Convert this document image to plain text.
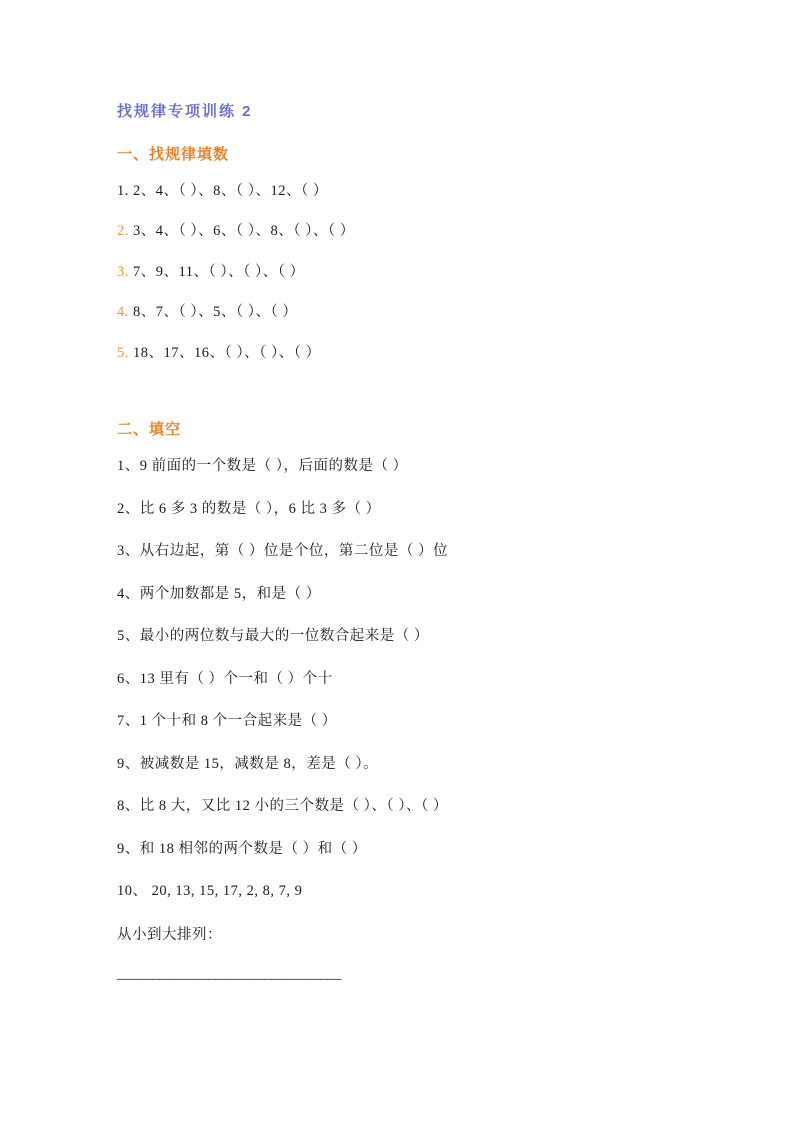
找规律专项训练 2
一、找规律填数
1. 2、4、（ ）、8、（ ）、12、（ ）
2. 3、4、（ ）、6、（ ）、8、（ ）、（ ）
3. 7、9、11、（ ）、（ ）、（ ）
4. 8、7、（ ）、5、（ ）、（ ）
5. 18、17、16、（ ）、（ ）、（ ）
二、填空
1、9 前面的一个数是（ ），后面的数是（ ）
2、比 6 多 3 的数是（ ），6 比 3 多（ ）
3、从右边起，第（ ）位是个位，第二位是（ ）位
4、两个加数都是 5，和是（ ）
5、最小的两位数与最大的一位数合起来是（ ）
6、13 里有（ ）个一和（ ）个十
7、1 个十和 8 个一合起来是（ ）
9、被减数是 15，减数是 8，差是（ ）。
8、比 8 大，又比 12 小的三个数是（ ）、（ ）、（ ）
9、和 18 相邻的两个数是（ ）和（ ）
10、 20, 13, 15, 17, 2, 8, 7, 9
从小到大排列：
________________________________
